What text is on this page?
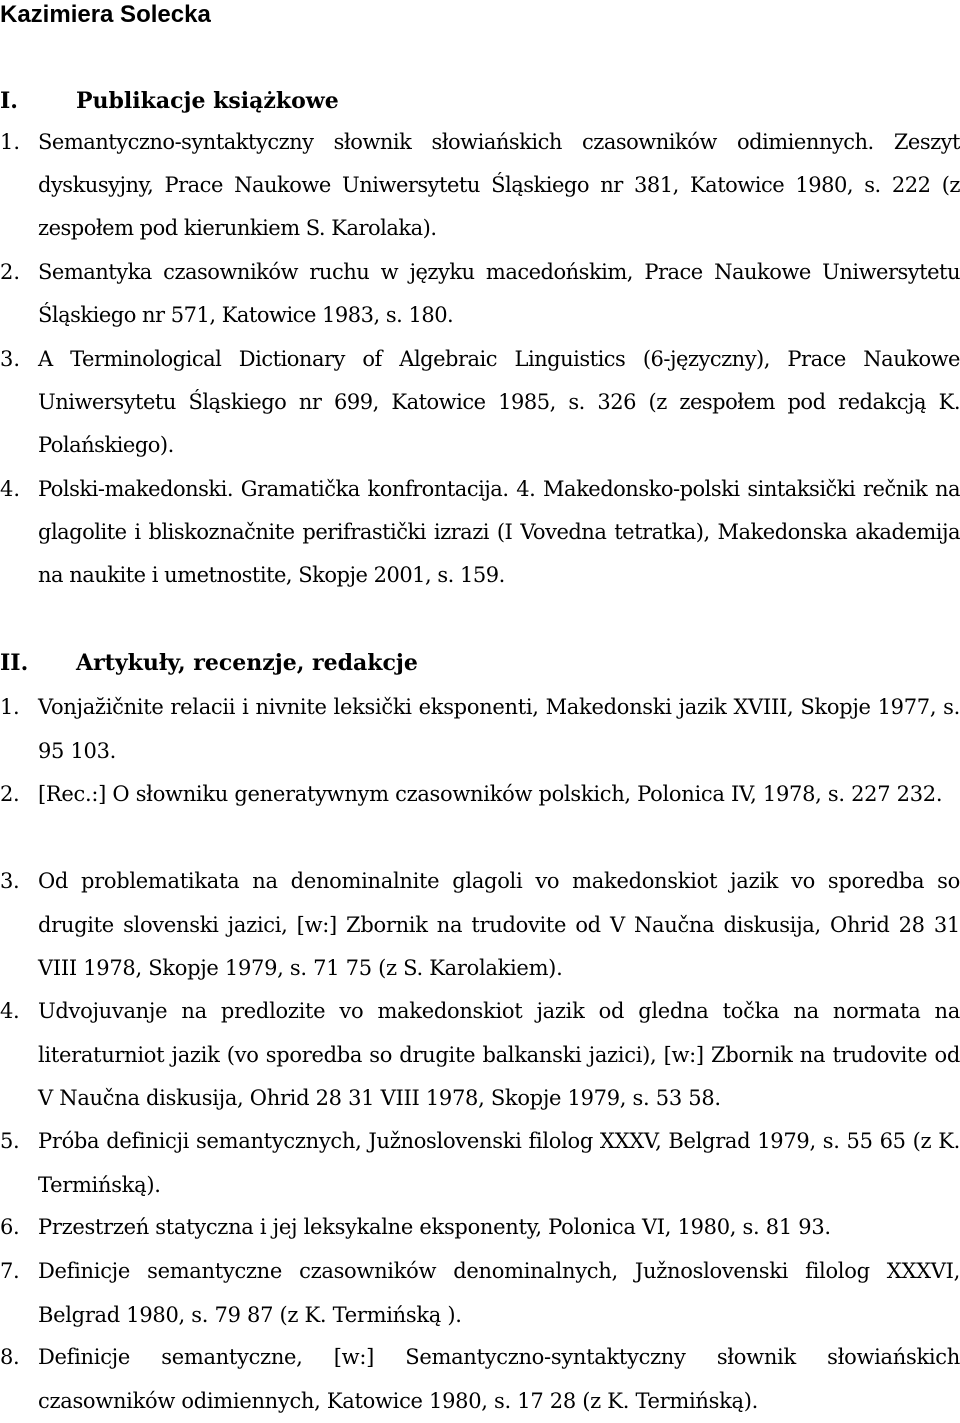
Kazimiera Solecka
I.	Publikacje książkowe
1. Semantyczno-syntaktyczny słownik słowiańskich czasowników odimiennych. Zeszyt dyskusyjny, Prace Naukowe Uniwersytetu Śląskiego nr 381, Katowice 1980, s. 222 (z zespołem pod kierunkiem S. Karolaka).

2. Semantyka czasowników ruchu w języku macedońskim, Prace Naukowe Uniwersytetu Śląskiego nr 571, Katowice 1983, s. 180.

3. A Terminological Dictionary of Algebraic Linguistics (6-języczny), Prace Naukowe Uniwersytetu Śląskiego nr 699, Katowice 1985, s. 326 (z zespołem pod redakcją K. Polańskiego).

4. Polski-makedonski. Gramatička konfrontacija. 4. Makedonsko-polski sintaksički rečnik na glagolite i bliskoznačnite perifrastički izrazi (I Vovedna tetratka), Makedonska akademija na naukite i umetnostite, Skopje 2001, s. 159.

II. Artykuły, recenzje, redakcje
1. Vonjaz̆ičnite relacii i nivnite leksički eksponenti, Makedonski jazik XVIII, Skopje 1977, s. 95 103.

2. [Rec.:] O słowniku generatywnym czasowników polskich, Polonica IV, 1978, s. 227 232.

3. Od problematikata na denominalnite glagoli vo makedonskiot jazik vo sporedba so drugite slovenski jazici, [w:] Zbornik na trudovite od V Naučna diskusija, Ohrid 28 31 VIII 1978, Skopje 1979, s. 71 75 (z S. Karolakiem).

4. Udvojuvanje na predlozite vo makedonskiot jazik od gledna točka na normata na literaturniot jazik (vo sporedba so drugite balkanski jazici), [w:] Zbornik na trudovite od V Naučna diskusija, Ohrid 28 31 VIII 1978, Skopje 1979, s. 53 58.

5. Próba definicji semantycznych, Južnoslovenski filolog XXXV, Belgrad 1979, s. 55 65 (z K. Termińską).

6. Przestrzeń statyczna i jej leksykalne eksponenty, Polonica VI, 1980, s. 81 93.

7. Definicje semantyczne czasowników denominalnych, Južnoslovenski filolog XXXVI, Belgrad 1980, s. 79 87 (z K. Termińską ).

8. Definicje semantyczne, [w:] Semantyczno-syntaktyczny słownik słowiańskich czasowników odimiennych, Katowice 1980, s. 17 28 (z K. Termińską).
